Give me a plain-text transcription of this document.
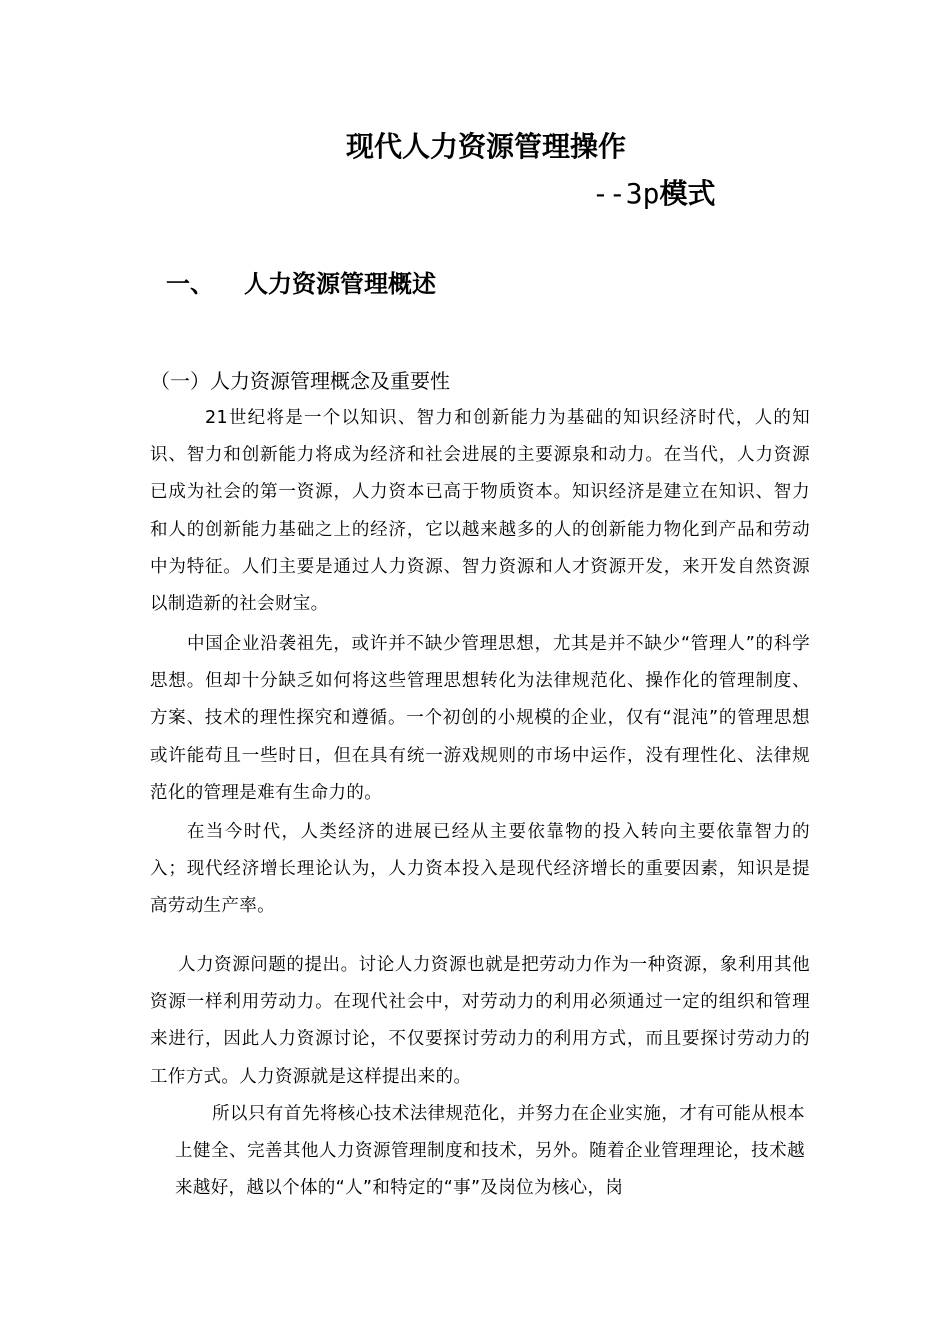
现代人力资源管理操作
--3p模式
一、 人力资源管理概述
（一）人力资源管理概念及重要性
21世纪将是一个以知识、智力和创新能力为基础的知识经济时代，人的知识、智力和创新能力将成为经济和社会进展的主要源泉和动力。在当代，人力资源已成为社会的第一资源，人力资本已高于物质资本。知识经济是建立在知识、智力和人的创新能力基础之上的经济，它以越来越多的人的创新能力物化到产品和劳动中为特征。人们主要是通过人力资源、智力资源和人才资源开发，来开发自然资源以制造新的社会财宝。
中国企业沿袭祖先，或许并不缺少管理思想，尤其是并不缺少“管理人”的科学思想。但却十分缺乏如何将这些管理思想转化为法律规范化、操作化的管理制度、方案、技术的理性探究和遵循。一个初创的小规模的企业，仅有“混沌”的管理思想或许能苟且一些时日，但在具有统一游戏规则的市场中运作，没有理性化、法律规范化的管理是难有生命力的。
在当今时代，人类经济的进展已经从主要依靠物的投入转向主要依靠智力的入；现代经济增长理论认为，人力资本投入是现代经济增长的重要因素，知识是提高劳动生产率。
人力资源问题的提出。讨论人力资源也就是把劳动力作为一种资源，象利用其他资源一样利用劳动力。在现代社会中，对劳动力的利用必须通过一定的组织和管理来进行，因此人力资源讨论，不仅要探讨劳动力的利用方式，而且要探讨劳动力的工作方式。人力资源就是这样提出来的。
所以只有首先将核心技术法律规范化，并努力在企业实施，才有可能从根本上健全、完善其他人力资源管理制度和技术，另外。随着企业管理理论，技术越来越好，越以个体的“人”和特定的“事”及岗位为核心，岗
